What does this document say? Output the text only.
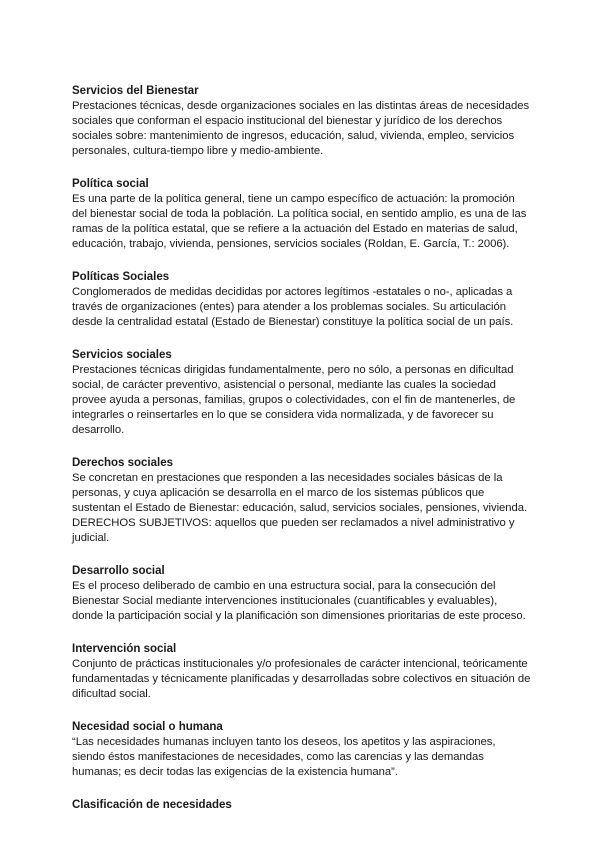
Servicios del Bienestar

Prestaciones técnicas, desde organizaciones sociales en las distintas áreas de necesidades
sociales que conforman el espacio institucional del bienestar y jurídico de los derechos
sociales sobre: mantenimiento de ingresos, educación, salud, vivienda, empleo, servicios
personales, cultura-tiempo libre y medio-ambiente.

Política social

Es una parte de la política general, tiene un campo específico de actuación: la promoción
del bienestar social de toda la población. La política social, en sentido amplio, es una de las
ramas de la política estatal, que se refiere a la actuación del Estado en materias de salud,
educación, trabajo, vivienda, pensiones, servicios sociales (Roldan, E. García, T.: 2006).

Políticas Sociales

Conglomerados de medidas decididas por actores legítimos -estatales o no-, aplicadas a
través de organizaciones (entes) para atender a los problemas sociales. Su articulación
desde la centralidad estatal (Estado de Bienestar) constituye la política social de un país.

Servicios sociales

Prestaciones técnicas dirigidas fundamentalmente, pero no sólo, a personas en dificultad
social, de carácter preventivo, asistencial o personal, mediante las cuales la sociedad
provee ayuda a personas, familias, grupos o colectividades, con el fin de mantenerles, de
integrarles o reinsertarles en lo que se considera vida normalizada, y de favorecer su
desarrollo.

Derechos sociales

Se concretan en prestaciones que responden a las necesidades sociales básicas de la
personas, y cuya aplicación se desarrolla en el marco de los sistemas públicos que
sustentan el Estado de Bienestar: educación, salud, servicios sociales, pensiones, vivienda.
DERECHOS SUBJETIVOS: aquellos que pueden ser reclamados a nivel administrativo y
judicial.

Desarrollo social

Es el proceso deliberado de cambio en una estructura social, para la consecución del
Bienestar Social mediante intervenciones institucionales (cuantificables y evaluables),
donde la participación social y la planificación son dimensiones prioritarias de este proceso.

Intervención social

Conjunto de prácticas institucionales y/o profesionales de carácter intencional, teóricamente
fundamentadas y técnicamente planificadas y desarrolladas sobre colectivos en situación de
dificultad social.

Necesidad social o humana

“Las necesidades humanas incluyen tanto los deseos, los apetitos y las aspiraciones,
siendo éstos manifestaciones de necesidades, como las carencias y las demandas
humanas; es decir todas las exigencias de la existencia humana”.

Clasificación de necesidades
